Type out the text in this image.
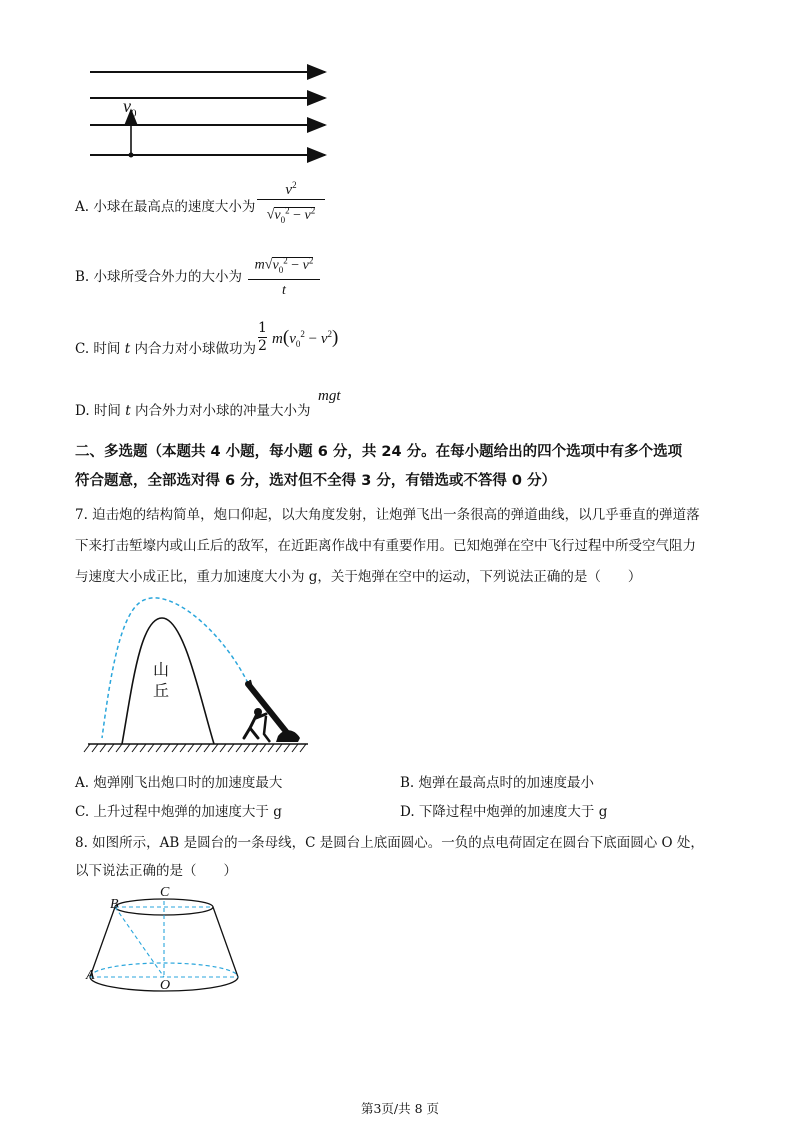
$v_0$
A. 小球在最高点的速度大小为
$v^2$
$√v_0^2 - v^2$
B. 小球所受合外力的大小为
$m√v_0^2 - v^2$
t
C. 时间 t 内合力对小球做功为 $\frac{1}{2} m(v_0^2 - v^2)$
D. 时间 t 内合外力对小球的冲量大小为
mgt
二、多选题（本题共 4 小题，每小题 6 分，共 24 分。在每小题给出的四个选项中有多个选项
符合题意，全部选对得 6 分，选对但不全得 3 分，有错选或不答得 0 分）
7. 迫击炮的结构简单，炮口仰起，以大角度发射，让炮弹飞出一条很高的弹道曲线，以几乎垂直的弹道落
下来打击堑壕内或山丘后的敌军，在近距离作战中有重要作用。已知炮弹在空中飞行过程中所受空气阻力
与速度大小成正比，重力加速度大小为 g，关于炮弹在空中的运动，下列说法正确的是（　　）
山
丘
A. 炮弹刚飞出炮口时的加速度最大	B. 炮弹在最高点时的加速度最小
C. 上升过程中炮弹的加速度大于 g	D. 下降过程中炮弹的加速度大于 g
8. 如图所示，AB 是圆台的一条母线，C 是圆台上底面圆心。一负的点电荷固定在圆台下底面圆心 O 处，
以下说法正确的是（　　）
B
C
A
O
第3页/共 8 页
